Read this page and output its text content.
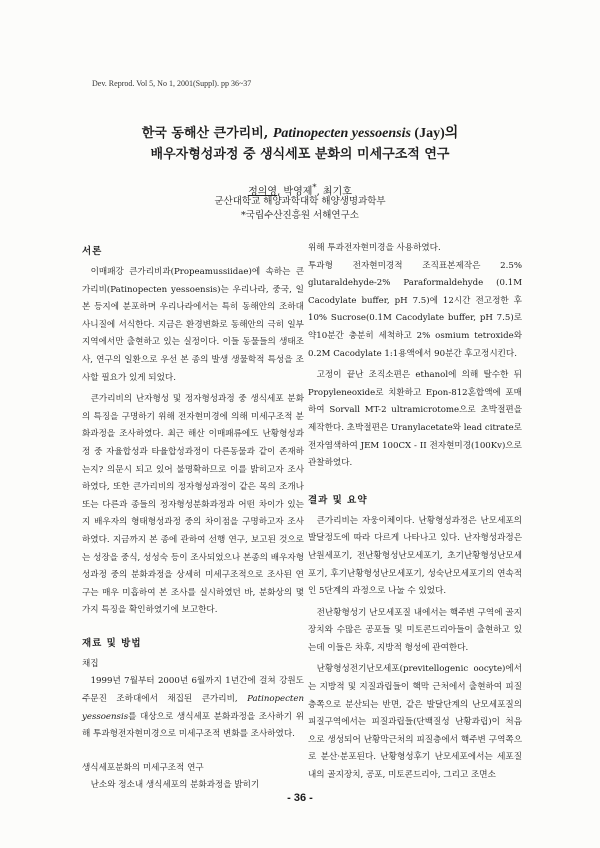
Dev. Reprod. Vol 5, No 1, 2001(Suppl). pp 36~37
한국 동해산 큰가리비, Patinopecten yessoensis (Jay)의
배우자형성과정 중 생식세포 분화의 미세구조적 연구
정의영, 박영제*, 최기호
군산대학교 해양과학대학 해양생명과학부
*국립수산진흥원 서해연구소

서론

이매패강 큰가리비과(Propeamussiidae)에 속하는 큰가리비(Patinopecten yessoensis)는 우리나라, 중국, 일본 등지에 분포하며 우리나라에서는 특히 동해안의 조하대 사니질에 서식한다. 지금은 환경변화로 동해안의 극히 일부지역에서만 출현하고 있는 실정이다. 이들 동물들의 생태조사, 연구의 일환으로 우선 본 종의 발생 생물학적 특성을 조사할 필요가 있게 되었다.

큰가리비의 난자형성 및 정자형성과정 중 생식세포 분화의 특징을 구명하기 위해 전자현미경에 의해 미세구조적 분화과정을 조사하였다. 최근 해산 이매패류에도 난황형성과정 중 자율합성과 타율합성과정이 다른동물과 같이 존재하는지? 의문시 되고 있어 불명확하므로 이를 밝히고자 조사하였다, 또한 큰가리비의 정자형성과정이 같은 목의 조개나 또는 다른과 종들의 정자형성분화과정과 어떤 차이가 있는지 배우자의 형태형성과정 중의 차이점을 구명하고자 조사하였다. 지금까지 본 종에 관하여 선행 연구, 보고된 것으로는 성장을 중식, 성성숙 등이 조사되었으나 본종의 배우자형성과정 중의 분화과정을 상세히 미세구조적으로 조사된 연구는 매우 미흡하여 본 조사를 실시하였던 바, 분화상의 몇가지 특징을 확인하였기에 보고한다.

재료 및 방법

채집

1999년 7월부터 2000년 6월까지 1년간에 걸쳐 강원도 주문진 조하대에서 채집된 큰가리비, Patinopecten yessoensis를 대상으로 생식세포 분화과정을 조사하기 위해 투과형전자현미경으로 미세구조적 변화를 조사하였다.

생식세포분화의 미세구조적 연구

난소와 정소내 생식세포의 분화과정을 밝히기

위해 투과전자현미경을 사용하였다.

투과형 전자현미경적 조직표본제작은 2.5% glutaraldehyde-2% Paraformaldehyde (0.1M Cacodylate buffer, pH 7.5)에 12시간 전고정한 후 10% Sucrose(0.1M Cacodylate buffer, pH 7.5)로 약10분간 충분히 세척하고 2% osmium tetroxide와 0.2M Cacodylate 1:1용액에서 90분간 후고정시킨다.

고정이 끝난 조직소편은 ethanol에 의해 탈수한 뒤 Propyleneoxide로 치환하고 Epon-812혼합액에 포매하여 Sorvall MT-2 ultramicrotome으로 초박절편을 제작한다. 초박절편은 Uranylacetate와 lead citrate로 전자염색하여 JEM 100CX - II 전자현미경(100Kv)으로 관찰하였다.

결과 및 요약

큰가리비는 자웅이체이다. 난황형성과정은 난모세포의 발달정도에 따라 다르게 나타나고 있다. 난자형성과정은 난원세포기, 전난황형성난모세포기, 초기난황형성난모세포기, 후기난황형성난모세포기, 성숙난모세포기의 연속적인 5단계의 과정으로 나눌 수 있었다.

전난황형성기 난모세포질 내에서는 핵주변 구역에 골지장치와 수많은 공포들 및 미토콘드리아들이 출현하고 있는데 이들은 차후, 지방적 형성에 관여한다.

난황형성전기난모세포(previtellogenic oocyte)에서는 지방적 및 지질과립들이 핵막 근처에서 출현하여 피질층쪽으로 분산되는 반면, 같은 발달단계의 난모세포질의 피질구역에서는 피질과립들(단백질성 난황과립)이 처음으로 생성되어 난황막근처의 피질층에서 핵주변 구역쪽으로 분산·분포된다. 난황형성후기 난모세포에서는 세포질 내의 골지장치, 공포, 미토콘드리아, 그리고 조면소

- 36 -
